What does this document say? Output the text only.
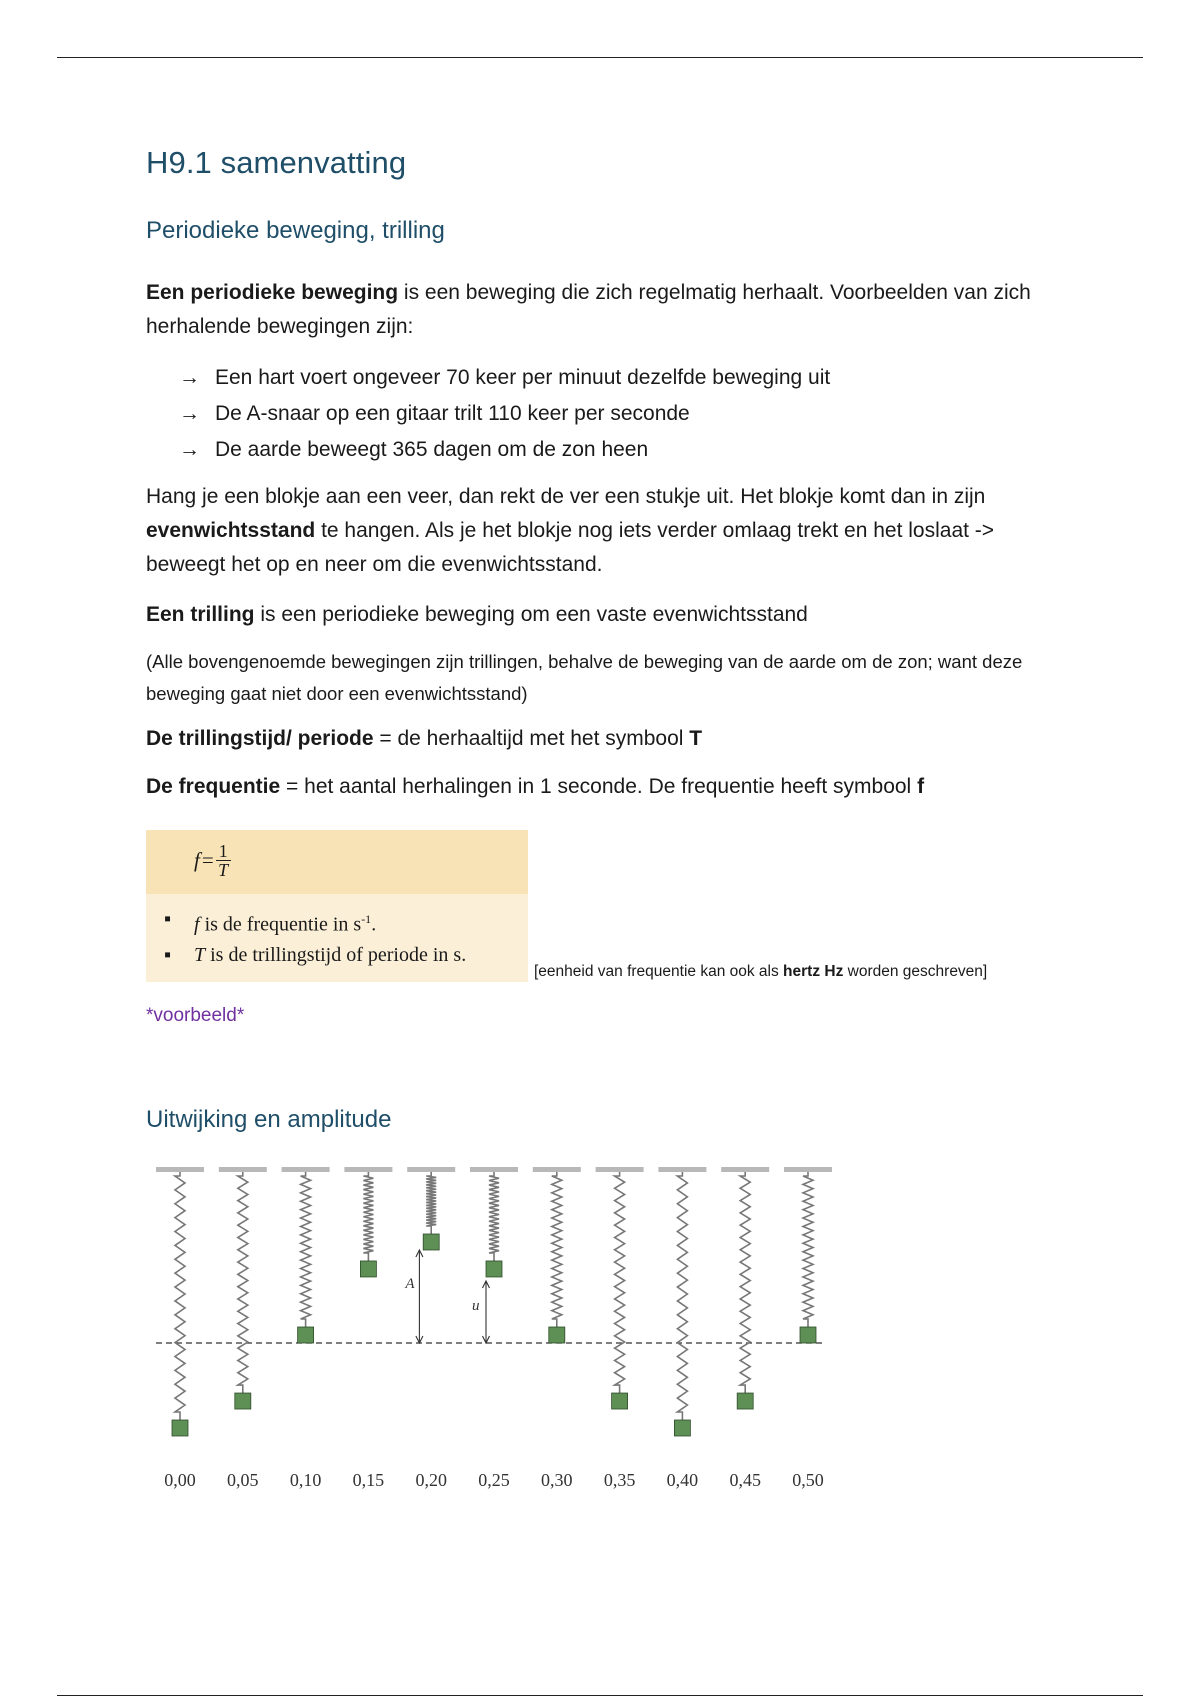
H9.1 samenvatting
Periodieke beweging, trilling

Een periodieke beweging is een beweging die zich regelmatig herhaalt. Voorbeelden van zich herhalende bewegingen zijn:

→ Een hart voert ongeveer 70 keer per minuut dezelfde beweging uit
→ De A-snaar op een gitaar trilt 110 keer per seconde
→ De aarde beweegt 365 dagen om de zon heen

Hang je een blokje aan een veer, dan rekt de ver een stukje uit. Het blokje komt dan in zijn evenwichtsstand te hangen. Als je het blokje nog iets verder omlaag trekt en het loslaat -> beweegt het op en neer om die evenwichtsstand.

Een trilling is een periodieke beweging om een vaste evenwichtsstand

(Alle bovengenoemde bewegingen zijn trillingen, behalve de beweging van de aarde om de zon; want deze beweging gaat niet door een evenwichtsstand)

De trillingstijd/ periode = de herhaaltijd met het symbool T

De frequentie = het aantal herhalingen in 1 seconde. De frequentie heeft symbool f

$f = \frac{1}{T}$
▪	f is de frequentie in $s^{-1}$.
▪	T is de trillingstijd of periode in s.

[eenheid van frequentie kan ook als hertz Hz worden geschreven]

*voorbeeld*

Uitwijking en amplitude
A
u
0,00	0,05	0,10	0,15	0,20	0,25	0,30	0,35	0,40	0,45	0,50
